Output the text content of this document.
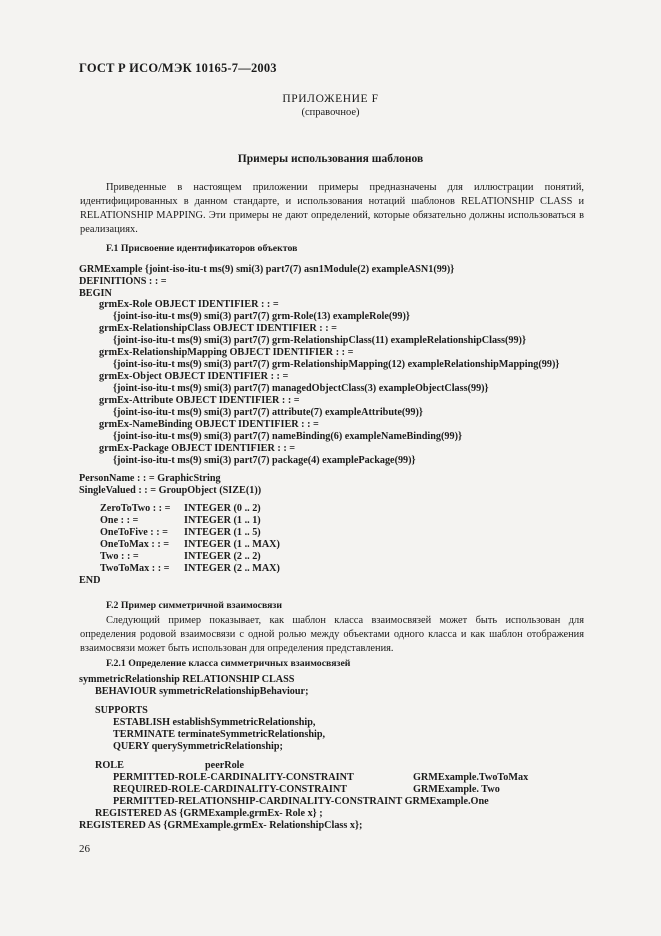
ГОСТ Р ИСО/МЭК 10165-7—2003
ПРИЛОЖЕНИЕ F
(справочное)
Примеры использования шаблонов
Приведенные в настоящем приложении примеры предназначены для иллюстрации понятий, идентифицированных в данном стандарте, и использования нотаций шаблонов RELATIONSHIP CLASS и RELATIONSHIP MAPPING. Эти примеры не дают определений, которые обязательно должны использоваться в реализациях.
F.1 Присвоение идентификаторов объектов
GRMExample {joint-iso-itu-t ms(9) smi(3) part7(7) asn1Module(2) exampleASN1(99)}
DEFINITIONS : : =
BEGIN
grmEx-Role OBJECT IDENTIFIER : : =
{joint-iso-itu-t ms(9) smi(3) part7(7) grm-Role(13) exampleRole(99)}
grmEx-RelationshipClass OBJECT IDENTIFIER : : =
{joint-iso-itu-t ms(9) smi(3) part7(7) grm-RelationshipClass(11) exampleRelationshipClass(99)}
grmEx-RelationshipMapping OBJECT IDENTIFIER : : =
{joint-iso-itu-t ms(9) smi(3) part7(7) grm-RelationshipMapping(12) exampleRelationshipMapping(99)}
grmEx-Object OBJECT IDENTIFIER : : =
{joint-iso-itu-t ms(9) smi(3) part7(7) managedObjectClass(3) exampleObjectClass(99)}
grmEx-Attribute OBJECT IDENTIFIER : : =
{joint-iso-itu-t ms(9) smi(3) part7(7) attribute(7) exampleAttribute(99)}
grmEx-NameBinding OBJECT IDENTIFIER : : =
{joint-iso-itu-t ms(9) smi(3) part7(7) nameBinding(6) exampleNameBinding(99)}
grmEx-Package OBJECT IDENTIFIER : : =
{joint-iso-itu-t ms(9) smi(3) part7(7) package(4) examplePackage(99)}
PersonName : : = GraphicString
SingleValued : : = GroupObject (SIZE(1))
ZeroToTwo : : = INTEGER (0 .. 2)
One : : =	INTEGER (1 .. 1)
OneToFive : : = INTEGER (1 .. 5)
OneToMax : : = INTEGER (1 .. MAX)
Two : : =	INTEGER (2 .. 2)
TwoToMax : : = INTEGER (2 .. MAX)
END
F.2 Пример симметричной взаимосвязи
Следующий пример показывает, как шаблон класса взаимосвязей может быть использован для определения родовой взаимосвязи с одной ролью между объектами одного класса и как шаблон отображения взаимосвязи может быть использован для определения представления.
F.2.1 Определение класса симметричных взаимосвязей
symmetricRelationship RELATIONSHIP CLASS
BEHAVIOUR symmetricRelationshipBehaviour;
SUPPORTS
ESTABLISH establishSymmetricRelationship,
TERMINATE terminateSymmetricRelationship,
QUERY querySymmetricRelationship;
ROLE	peerRole
PERMITTED-ROLE-CARDINALITY-CONSTRAINT	GRMExample.TwoToMax
REQUIRED-ROLE-CARDINALITY-CONSTRAINT	GRMExample. Two
PERMITTED-RELATIONSHIP-CARDINALITY-CONSTRAINT GRMExample.One
REGISTERED AS {GRMExample.grmEx- Role x} ;
REGISTERED AS {GRMExample.grmEx- RelationshipClass x};
26
